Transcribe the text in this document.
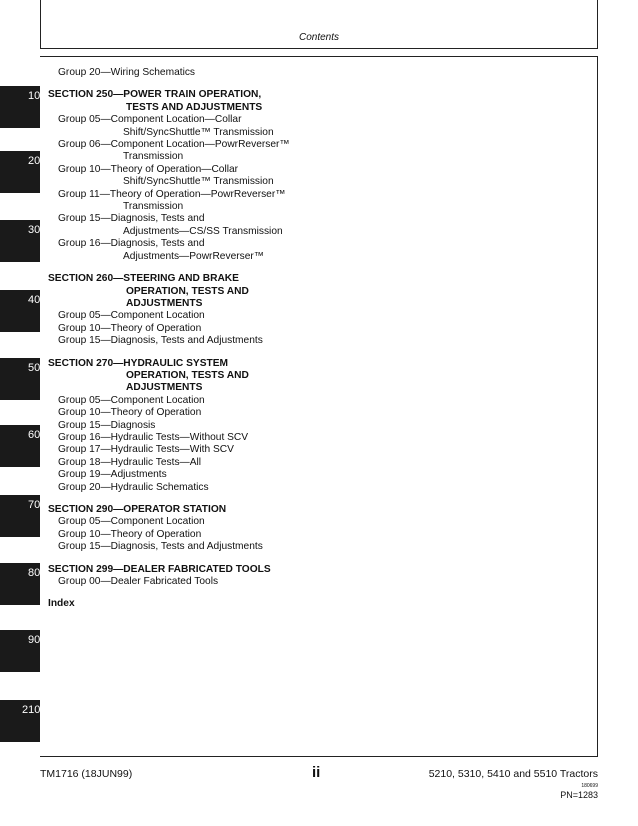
Contents
10
20
30
40
50
60
70
80
90
210
Group 20—Wiring Schematics
SECTION 250—POWER TRAIN OPERATION,
TESTS AND ADJUSTMENTS
Group 05—Component Location—Collar
Shift/SyncShuttle™ Transmission
Group 06—Component Location—PowrReverser™
Transmission
Group 10—Theory of Operation—Collar
Shift/SyncShuttle™ Transmission
Group 11—Theory of Operation—PowrReverser™
Transmission
Group 15—Diagnosis, Tests and
Adjustments—CS/SS Transmission
Group 16—Diagnosis, Tests and
Adjustments—PowrReverser™
SECTION 260—STEERING AND BRAKE
OPERATION, TESTS AND
ADJUSTMENTS
Group 05—Component Location
Group 10—Theory of Operation
Group 15—Diagnosis, Tests and Adjustments
SECTION 270—HYDRAULIC SYSTEM
OPERATION, TESTS AND
ADJUSTMENTS
Group 05—Component Location
Group 10—Theory of Operation
Group 15—Diagnosis
Group 16—Hydraulic Tests—Without SCV
Group 17—Hydraulic Tests—With SCV
Group 18—Hydraulic Tests—All
Group 19—Adjustments
Group 20—Hydraulic Schematics
SECTION 290—OPERATOR STATION
Group 05—Component Location
Group 10—Theory of Operation
Group 15—Diagnosis, Tests and Adjustments
SECTION 299—DEALER FABRICATED TOOLS
Group 00—Dealer Fabricated Tools
Index
TM1716 (18JUN99)	ii	5210, 5310, 5410 and 5510 Tractors
180699
PN=1283
